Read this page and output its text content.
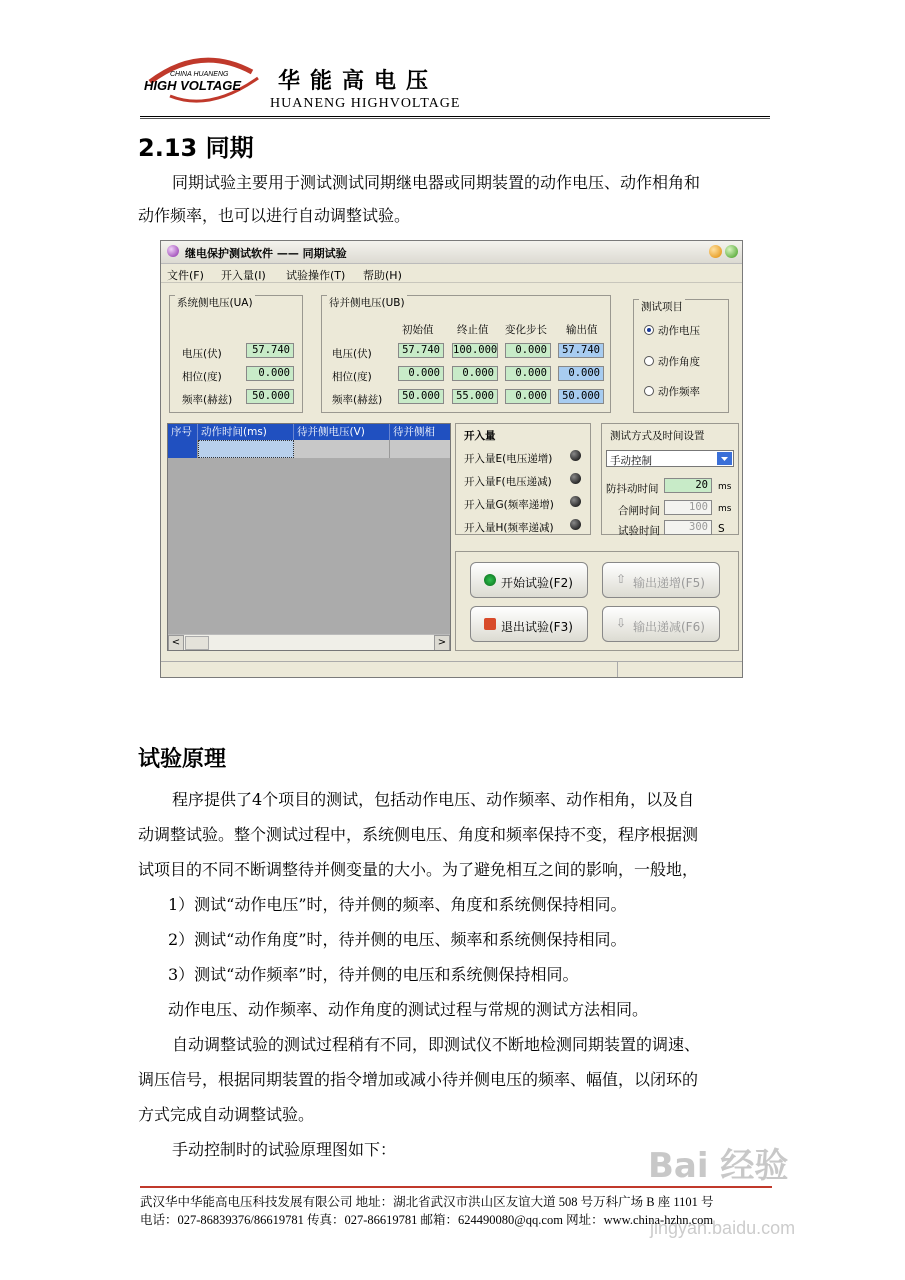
CHINA HUANENG
HIGH VOLTAGE 华能高电压
HUANENG HIGHVOLTAGE
2.13 同期
同期试验主要用于测试测试同期继电器或同期装置的动作电压、动作相角和
动作频率，也可以进行自动调整试验。
继电保护测试软件 —— 同期试验
文件(F) 开入量(I) 试验操作(T) 帮助(H)
系统侧电压(UA)
电压(伏)	57.740
相位(度)	0.000
频率(赫兹)	50.000
待并侧电压(UB)
初始值 终止值 变化步长 输出值
电压(伏)	57.740	100.000	0.000	57.740
相位(度)	0.000	0.000	0.000	0.000
频率(赫兹)	50.000	55.000	0.000	50.000
测试项目
动作电压
动作角度
动作频率
序号 动作时间(ms)	待并侧电压(V)	待并侧相
<	>
开入量
开入量E(电压递增)
开入量F(电压递减)
开入量G(频率递增)
开入量H(频率递减)
测试方式及时间设置
手动控制
防抖动时间	20	ms
合闸时间	100	ms
试验时间	300 S
开始试验(F2)	⇧ 输出递增(F5)
退出试验(F3)	⇩ 输出递减(F6)
试验原理
程序提供了4个项目的测试，包括动作电压、动作频率、动作相角，以及自
动调整试验。整个测试过程中，系统侧电压、角度和频率保持不变，程序根据测
试项目的不同不断调整待并侧变量的大小。为了避免相互之间的影响，一般地，
1）测试“动作电压”时，待并侧的频率、角度和系统侧保持相同。
2）测试“动作角度”时，待并侧的电压、频率和系统侧保持相同。
3）测试“动作频率”时，待并侧的电压和系统侧保持相同。
动作电压、动作频率、动作角度的测试过程与常规的测试方法相同。
自动调整试验的测试过程稍有不同，即测试仪不断地检测同期装置的调速、
调压信号，根据同期装置的指令增加或减小待并侧电压的频率、幅值，以闭环的
方式完成自动调整试验。
手动控制时的试验原理图如下：	Bai 经验
武汉华中华能高电压科技发展有限公司 地址：湖北省武汉市洪山区友谊大道 508 号万科广场 B 座 1101 号
电话：027-86839376/86619781 传真：027-86619781 邮箱：624490080@qq.com 网址：www.china-hzhn.com
jingyan.baidu.com
